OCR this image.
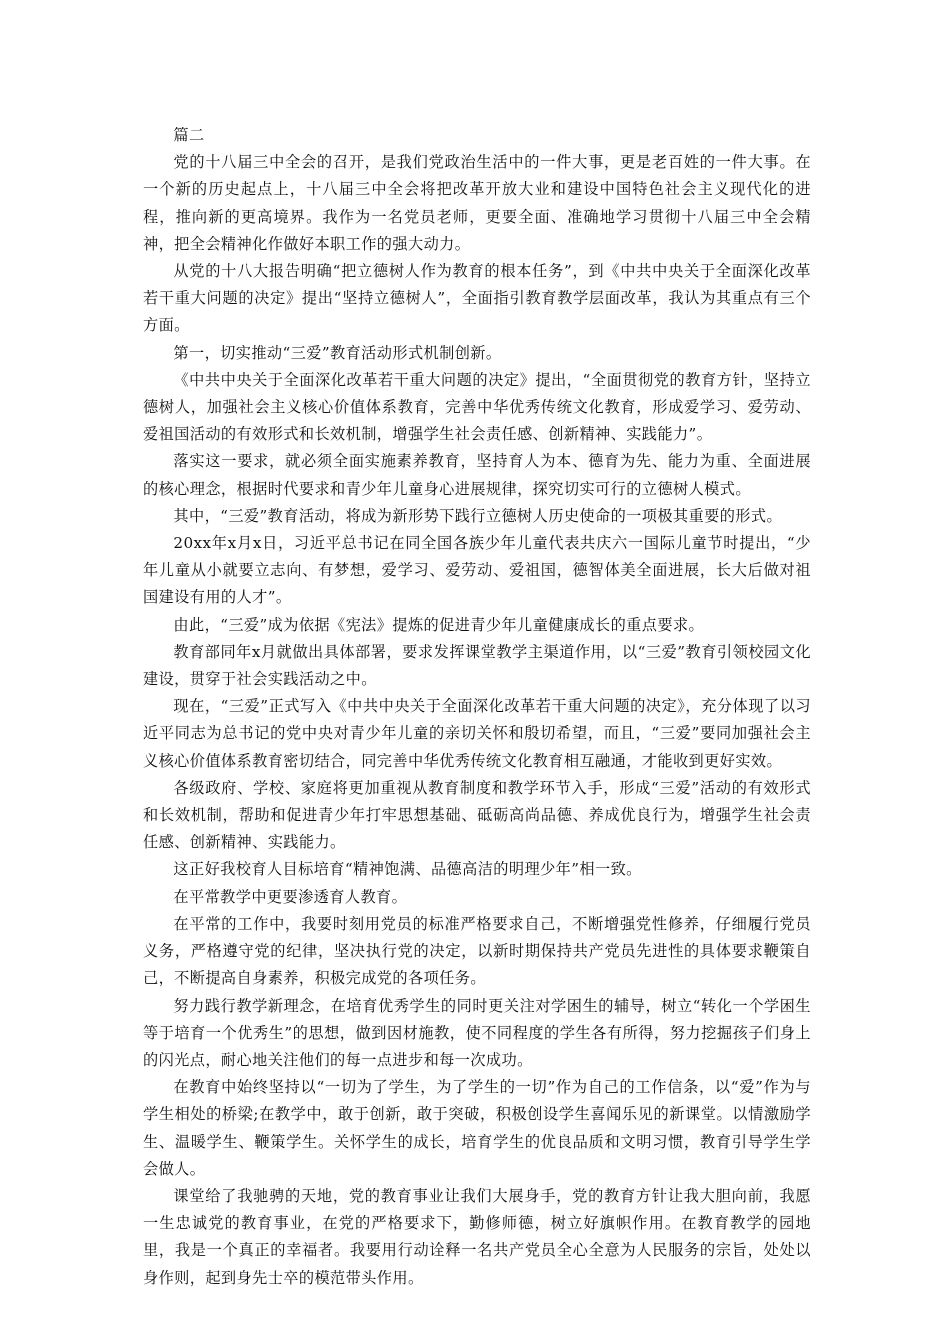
篇二

党的十八届三中全会的召开，是我们党政治生活中的一件大事，更是老百姓的一件大事。在一个新的历史起点上，十八届三中全会将把改革开放大业和建设中国特色社会主义现代化的进程，推向新的更高境界。我作为一名党员老师，更要全面、准确地学习贯彻十八届三中全会精神，把全会精神化作做好本职工作的强大动力。

从党的十八大报告明确“把立德树人作为教育的根本任务”，到《中共中央关于全面深化改革若干重大问题的决定》提出“坚持立德树人”，全面指引教育教学层面改革，我认为其重点有三个方面。

第一，切实推动“三爱”教育活动形式机制创新。

《中共中央关于全面深化改革若干重大问题的决定》提出，“全面贯彻党的教育方针，坚持立德树人，加强社会主义核心价值体系教育，完善中华优秀传统文化教育，形成爱学习、爱劳动、爱祖国活动的有效形式和长效机制，增强学生社会责任感、创新精神、实践能力”。

落实这一要求，就必须全面实施素养教育，坚持育人为本、德育为先、能力为重、全面进展的核心理念，根据时代要求和青少年儿童身心进展规律，探究切实可行的立德树人模式。

其中，“三爱”教育活动，将成为新形势下践行立德树人历史使命的一项极其重要的形式。

20xx年x月x日，习近平总书记在同全国各族少年儿童代表共庆六一国际儿童节时提出，“少年儿童从小就要立志向、有梦想，爱学习、爱劳动、爱祖国，德智体美全面进展，长大后做对祖国建设有用的人才”。

由此，“三爱”成为依据《宪法》提炼的促进青少年儿童健康成长的重点要求。

教育部同年x月就做出具体部署，要求发挥课堂教学主渠道作用，以“三爱”教育引领校园文化建设，贯穿于社会实践活动之中。

现在，“三爱”正式写入《中共中央关于全面深化改革若干重大问题的决定》，充分体现了以习近平同志为总书记的党中央对青少年儿童的亲切关怀和殷切希望，而且，“三爱”要同加强社会主义核心价值体系教育密切结合，同完善中华优秀传统文化教育相互融通，才能收到更好实效。

各级政府、学校、家庭将更加重视从教育制度和教学环节入手，形成“三爱”活动的有效形式和长效机制，帮助和促进青少年打牢思想基础、砥砺高尚品德、养成优良行为，增强学生社会责任感、创新精神、实践能力。

这正好我校育人目标培育“精神饱满、品德高洁的明理少年”相一致。

在平常教学中更要渗透育人教育。

在平常的工作中，我要时刻用党员的标准严格要求自己，不断增强党性修养，仔细履行党员义务，严格遵守党的纪律，坚决执行党的决定，以新时期保持共产党员先进性的具体要求鞭策自己，不断提高自身素养，积极完成党的各项任务。

努力践行教学新理念，在培育优秀学生的同时更关注对学困生的辅导，树立“转化一个学困生等于培育一个优秀生”的思想，做到因材施教，使不同程度的学生各有所得，努力挖掘孩子们身上的闪光点，耐心地关注他们的每一点进步和每一次成功。

在教育中始终坚持以“一切为了学生，为了学生的一切”作为自己的工作信条，以“爱”作为与学生相处的桥梁;在教学中，敢于创新，敢于突破，积极创设学生喜闻乐见的新课堂。以情激励学生、温暖学生、鞭策学生。关怀学生的成长，培育学生的优良品质和文明习惯，教育引导学生学会做人。

课堂给了我驰骋的天地，党的教育事业让我们大展身手，党的教育方针让我大胆向前，我愿一生忠诚党的教育事业，在党的严格要求下，勤修师德，树立好旗帜作用。在教育教学的园地里，我是一个真正的幸福者。我要用行动诠释一名共产党员全心全意为人民服务的宗旨，处处以身作则，起到身先士卒的模范带头作用。
